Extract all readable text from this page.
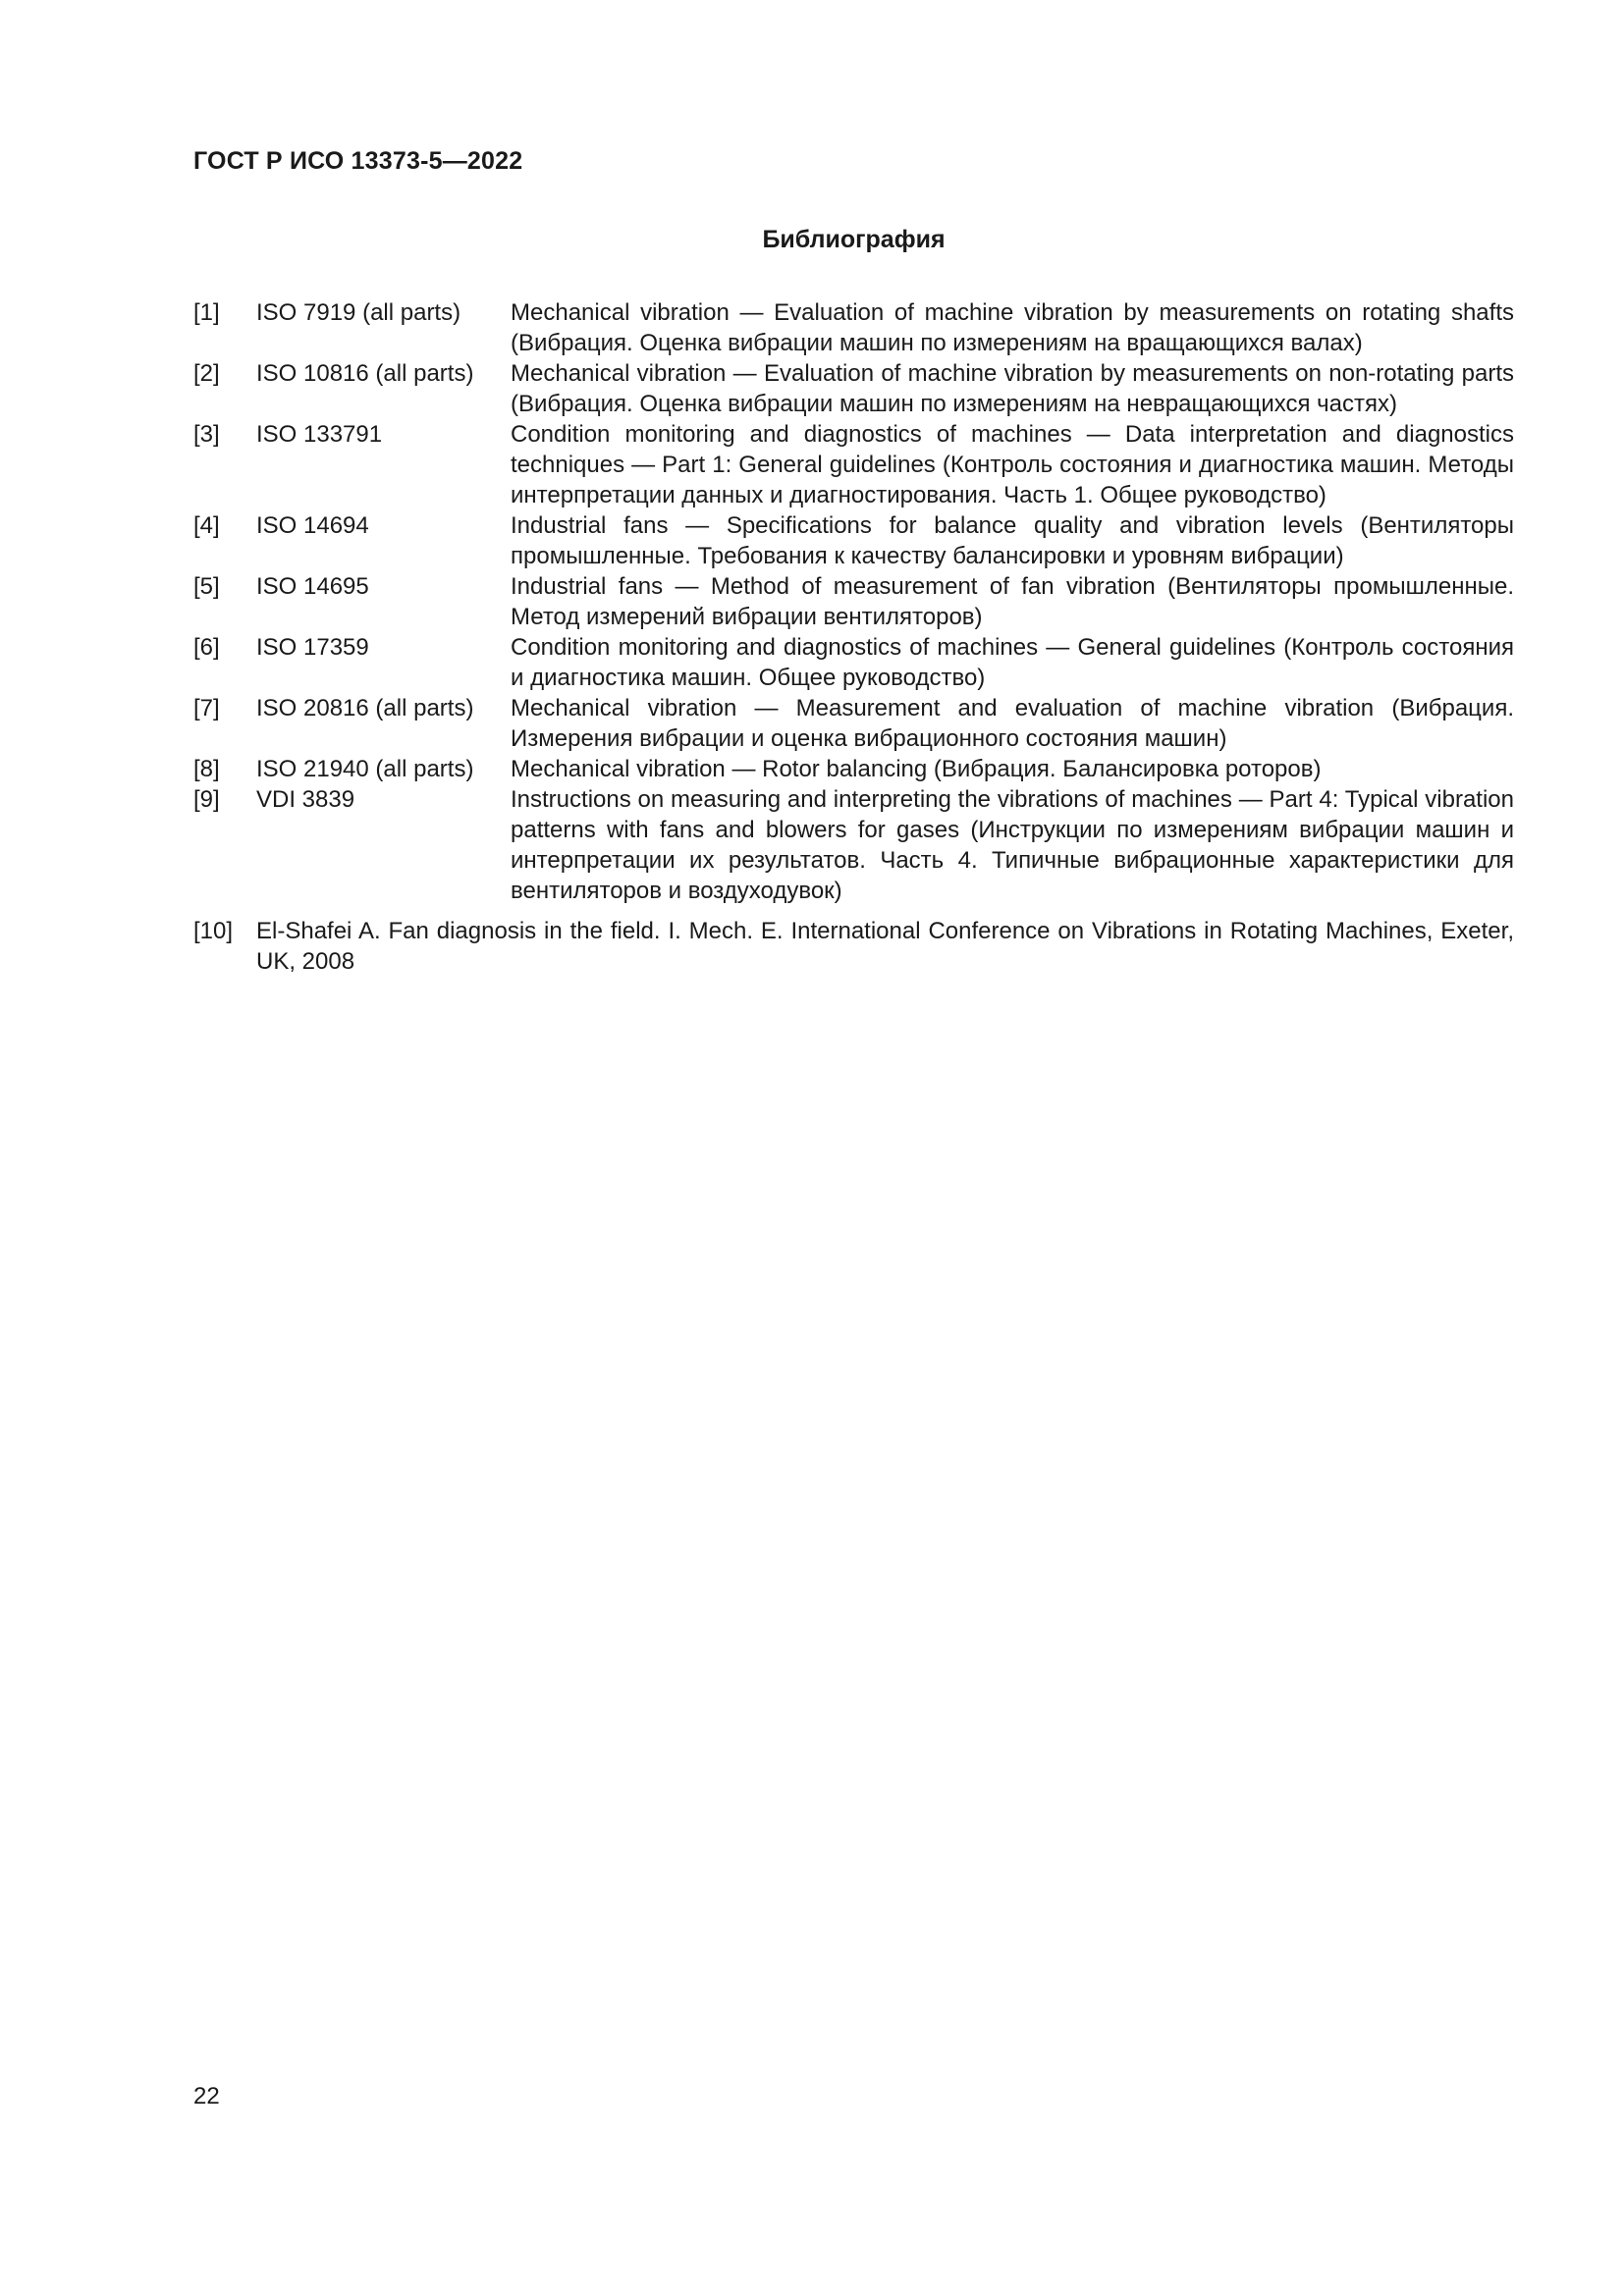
ГОСТ Р ИСО 13373-5—2022
Библиография
[1]	ISO 7919 (all parts)	Mechanical vibration — Evaluation of machine vibration by measurements on rotating shafts (Вибрация. Оценка вибрации машин по измерениям на вращающихся валах)
[2]	ISO 10816 (all parts)	Mechanical vibration — Evaluation of machine vibration by measurements on non-rotating parts (Вибрация. Оценка вибрации машин по измерениям на невращающихся частях)
[3]	ISO 133791	Condition monitoring and diagnostics of machines — Data interpretation and diagnostics techniques — Part 1: General guidelines (Контроль состояния и диагностика машин. Методы интерпретации данных и диагностирования. Часть 1. Общее руководство)
[4]	ISO 14694	Industrial fans — Specifications for balance quality and vibration levels (Вентиляторы промышленные. Требования к качеству балансировки и уровням вибрации)
[5]	ISO 14695	Industrial fans — Method of measurement of fan vibration (Вентиляторы промышленные. Метод измерений вибрации вентиляторов)
[6]	ISO 17359	Condition monitoring and diagnostics of machines — General guidelines (Контроль состояния и диагностика машин. Общее руководство)
[7]	ISO 20816 (all parts)	Mechanical vibration — Measurement and evaluation of machine vibration (Вибрация. Измерения вибрации и оценка вибрационного состояния машин)
[8]	ISO 21940 (all parts)	Mechanical vibration — Rotor balancing (Вибрация. Балансировка роторов)
[9]	VDI 3839	Instructions on measuring and interpreting the vibrations of machines — Part 4: Typical vibration patterns with fans and blowers for gases (Инструкции по измерениям вибрации машин и интерпретации их результатов. Часть 4. Типичные вибрационные характеристики для вентиляторов и воздуходувок)
[10] El-Shafei A. Fan diagnosis in the field. I. Mech. E. International Conference on Vibrations in Rotating Machines, Exeter, UK, 2008
22
